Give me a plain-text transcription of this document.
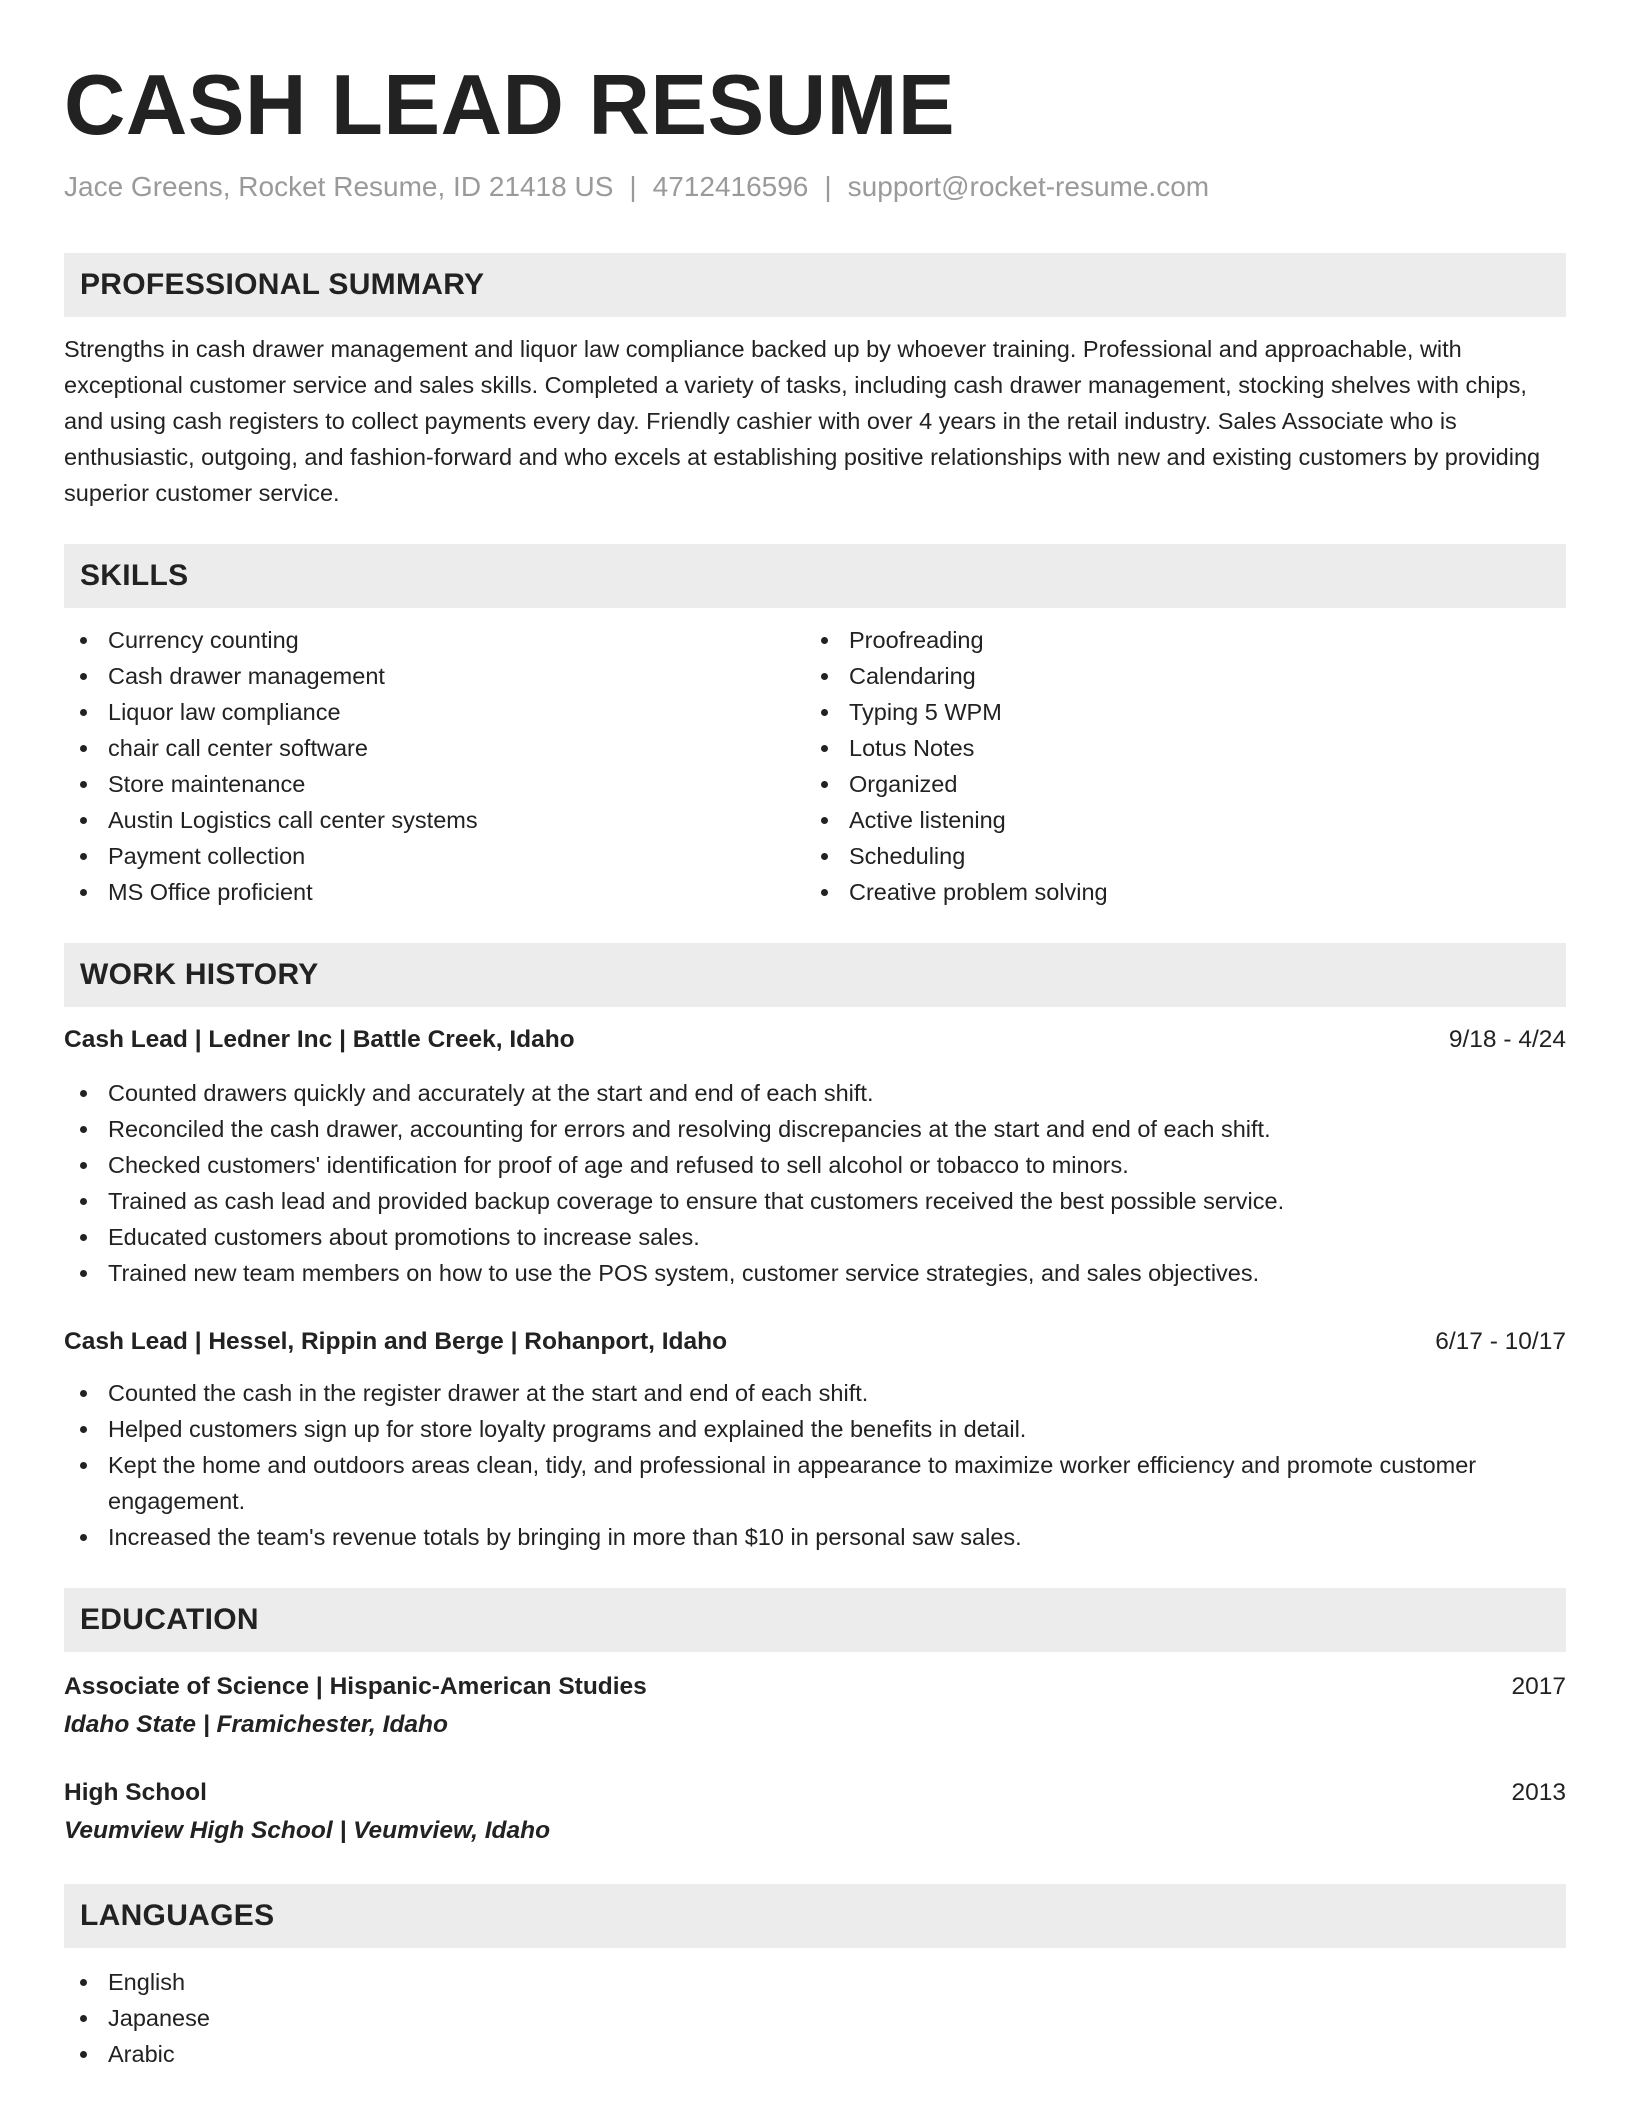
CASH LEAD RESUME
Jace Greens, Rocket Resume, ID 21418 US | 4712416596 | support@rocket-resume.com
PROFESSIONAL SUMMARY

Strengths in cash drawer management and liquor law compliance backed up by whoever training. Professional and approachable, with exceptional customer service and sales skills. Completed a variety of tasks, including cash drawer management, stocking shelves with chips, and using cash registers to collect payments every day. Friendly cashier with over 4 years in the retail industry. Sales Associate who is enthusiastic, outgoing, and fashion-forward and who excels at establishing positive relationships with new and existing customers by providing superior customer service.

SKILLS
Currency counting
Cash drawer management
Liquor law compliance
chair call center software
Store maintenance
Austin Logistics call center systems
Payment collection
MS Office proficient
Proofreading
Calendaring
Typing 5 WPM
Lotus Notes
Organized
Active listening
Scheduling
Creative problem solving
WORK HISTORY
Cash Lead | Ledner Inc | Battle Creek, Idaho	9/18 - 4/24
Counted drawers quickly and accurately at the start and end of each shift.
Reconciled the cash drawer, accounting for errors and resolving discrepancies at the start and end of each shift.
Checked customers' identification for proof of age and refused to sell alcohol or tobacco to minors.
Trained as cash lead and provided backup coverage to ensure that customers received the best possible service.
Educated customers about promotions to increase sales.
Trained new team members on how to use the POS system, customer service strategies, and sales objectives.
Cash Lead | Hessel, Rippin and Berge | Rohanport, Idaho	6/17 - 10/17
Counted the cash in the register drawer at the start and end of each shift.
Helped customers sign up for store loyalty programs and explained the benefits in detail.
Kept the home and outdoors areas clean, tidy, and professional in appearance to maximize worker efficiency and promote customer engagement.
Increased the team's revenue totals by bringing in more than $10 in personal saw sales.
EDUCATION
Associate of Science | Hispanic-American Studies	2017
Idaho State | Framichester, Idaho
High School	2013
Veumview High School | Veumview, Idaho
LANGUAGES
English
Japanese
Arabic
